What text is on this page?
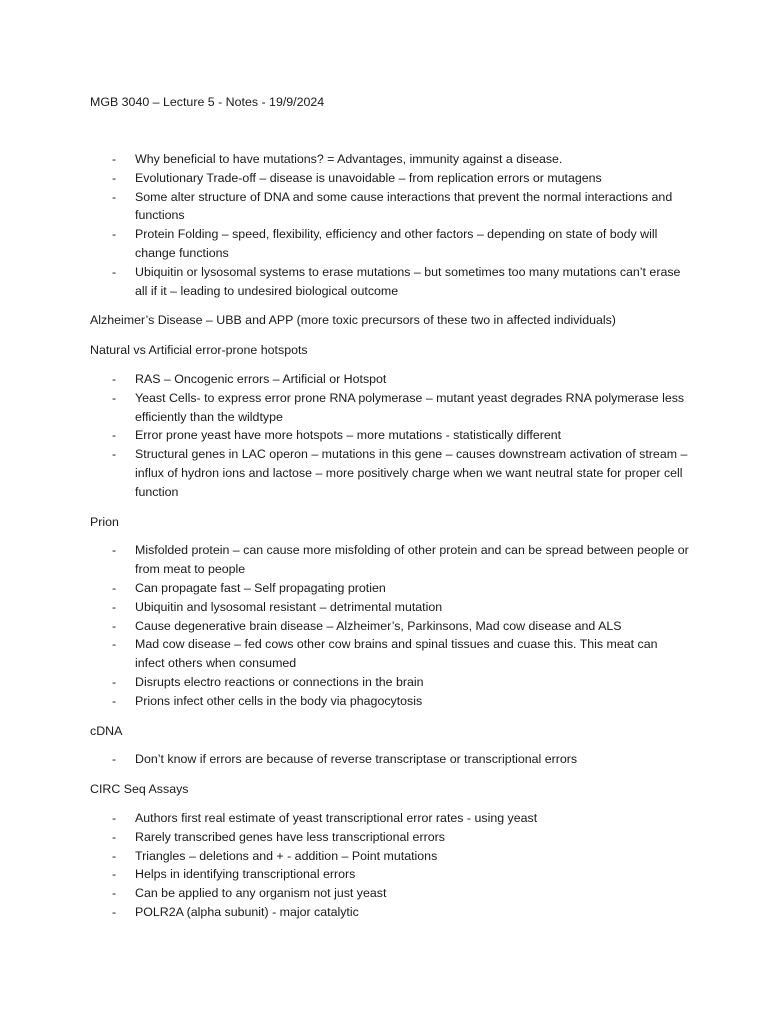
MGB 3040 – Lecture 5 - Notes - 19/9/2024

- Why beneficial to have mutations? = Advantages, immunity against a disease.
- Evolutionary Trade-off – disease is unavoidable – from replication errors or mutagens
- Some alter structure of DNA and some cause interactions that prevent the normal interactions and functions
- Protein Folding – speed, flexibility, efficiency and other factors – depending on state of body will change functions
- Ubiquitin or lysosomal systems to erase mutations – but sometimes too many mutations can’t erase all if it – leading to undesired biological outcome

Alzheimer’s Disease – UBB and APP (more toxic precursors of these two in affected individuals)

Natural vs Artificial error-prone hotspots

- RAS – Oncogenic errors – Artificial or Hotspot
- Yeast Cells- to express error prone RNA polymerase – mutant yeast degrades RNA polymerase less efficiently than the wildtype
- Error prone yeast have more hotspots – more mutations - statistically different
- Structural genes in LAC operon – mutations in this gene – causes downstream activation of stream – influx of hydron ions and lactose – more positively charge when we want neutral state for proper cell function

Prion

- Misfolded protein – can cause more misfolding of other protein and can be spread between people or from meat to people
- Can propagate fast – Self propagating protien
- Ubiquitin and lysosomal resistant – detrimental mutation
- Cause degenerative brain disease – Alzheimer’s, Parkinsons, Mad cow disease and ALS
- Mad cow disease – fed cows other cow brains and spinal tissues and cuase this. This meat can infect others when consumed
- Disrupts electro reactions or connections in the brain
- Prions infect other cells in the body via phagocytosis

cDNA

- Don’t know if errors are because of reverse transcriptase or transcriptional errors

CIRC Seq Assays

- Authors first real estimate of yeast transcriptional error rates - using yeast
- Rarely transcribed genes have less transcriptional errors
- Triangles – deletions and + - addition – Point mutations
- Helps in identifying transcriptional errors
- Can be applied to any organism not just yeast
- POLR2A (alpha subunit) - major catalytic
